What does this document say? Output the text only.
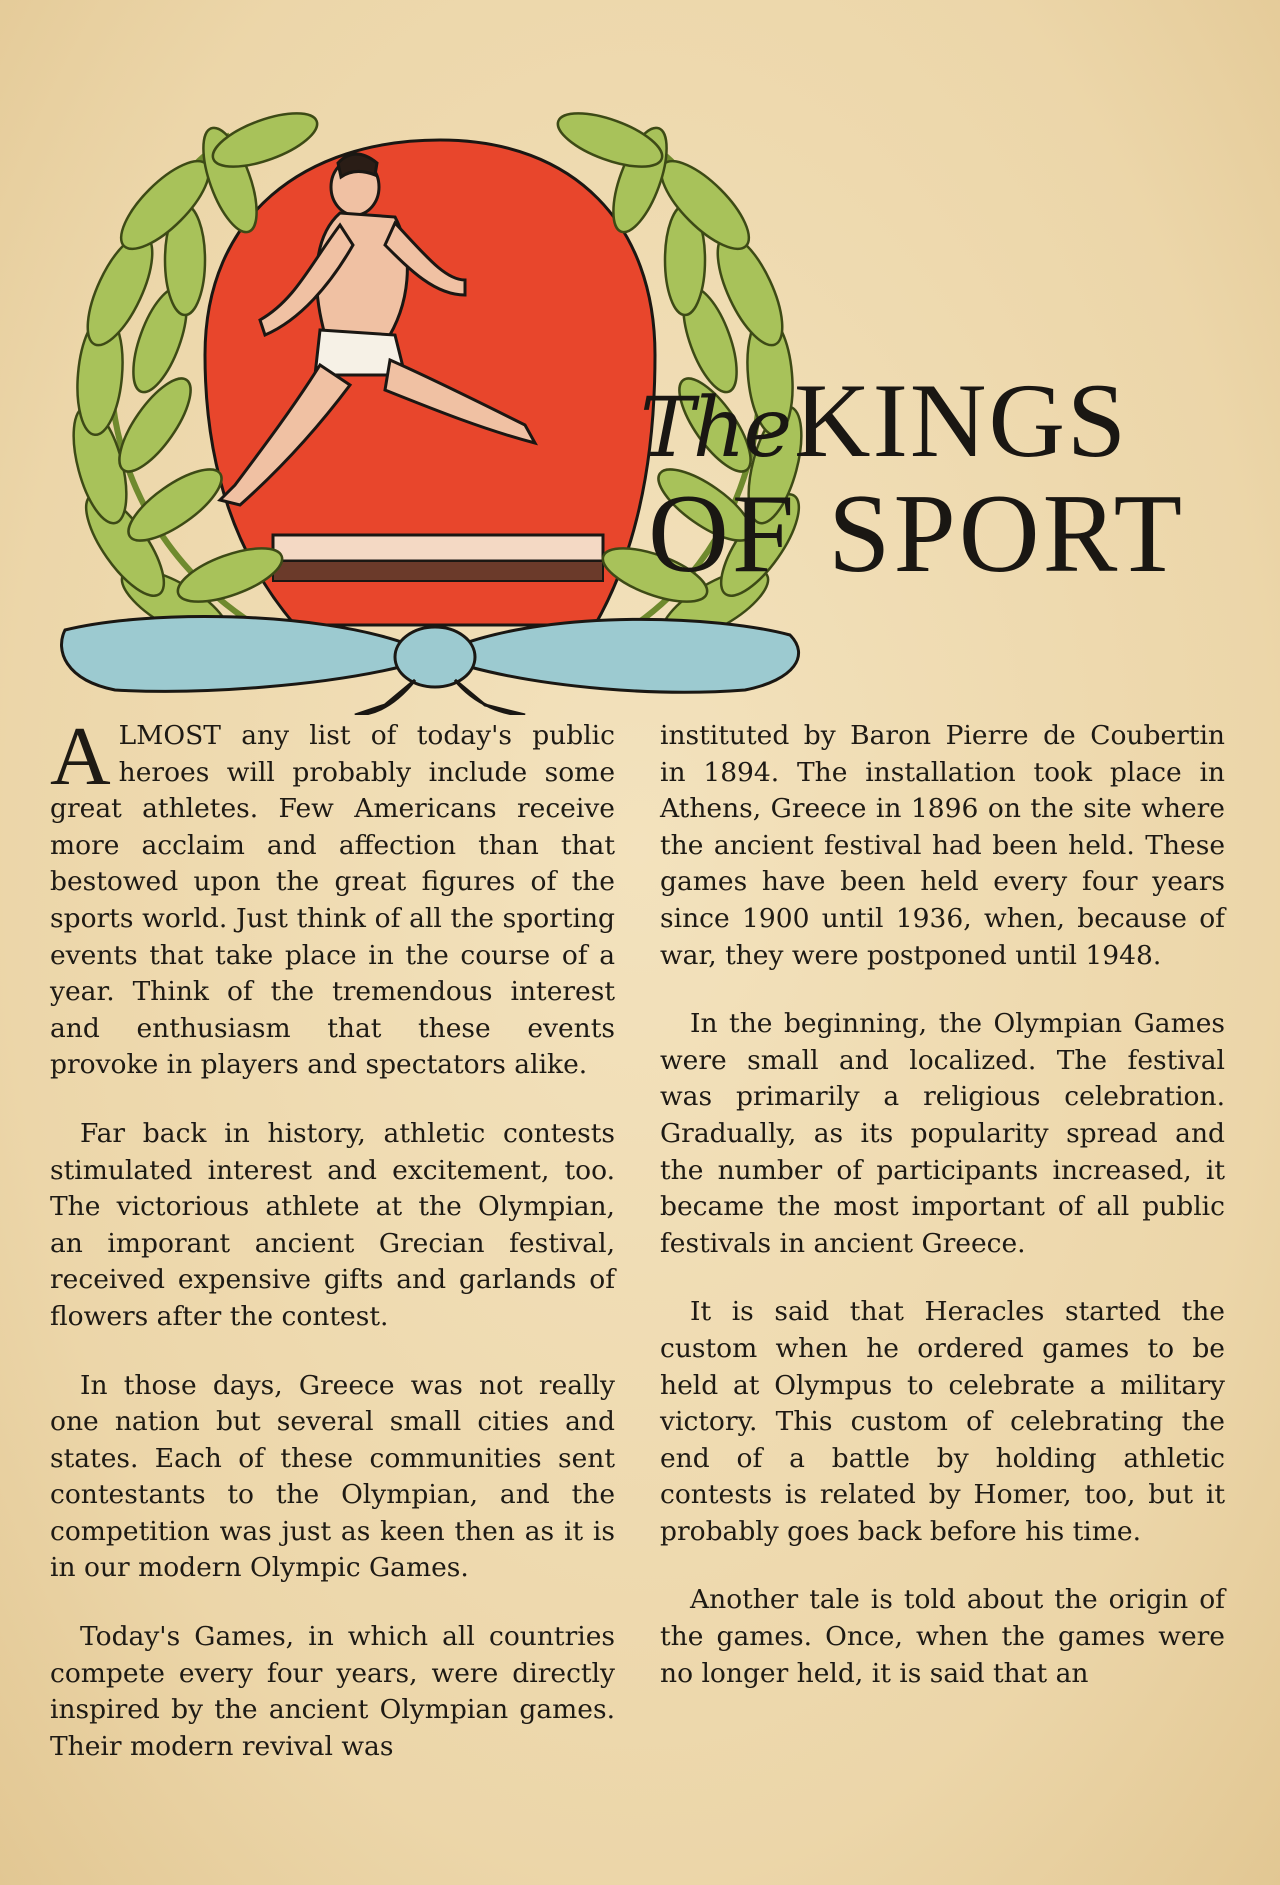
The KINGS
OF SPORT

ALMOST any list of today's public heroes will probably include some great athletes. Few Americans receive more acclaim and affection than that bestowed upon the great figures of the sports world. Just think of all the sporting events that take place in the course of a year. Think of the tremendous interest and enthusiasm that these events provoke in players and spectators alike.

Far back in history, athletic contests stimulated interest and excitement, too. The victorious athlete at the Olympian, an imporant ancient Grecian festival, received expensive gifts and garlands of flowers after the contest.

In those days, Greece was not really one nation but several small cities and states. Each of these communities sent contestants to the Olympian, and the competition was just as keen then as it is in our modern Olympic Games.

Today's Games, in which all countries compete every four years, were directly inspired by the ancient Olympian games. Their modern revival was

instituted by Baron Pierre de Coubertin in 1894. The installation took place in Athens, Greece in 1896 on the site where the ancient festival had been held. These games have been held every four years since 1900 until 1936, when, because of war, they were postponed until 1948.

In the beginning, the Olympian Games were small and localized. The festival was primarily a religious celebration. Gradually, as its popularity spread and the number of participants increased, it became the most important of all public festivals in ancient Greece.

It is said that Heracles started the custom when he ordered games to be held at Olympus to celebrate a military victory. This custom of celebrating the end of a battle by holding athletic contests is related by Homer, too, but it probably goes back before his time.

Another tale is told about the origin of the games. Once, when the games were no longer held, it is said that an
